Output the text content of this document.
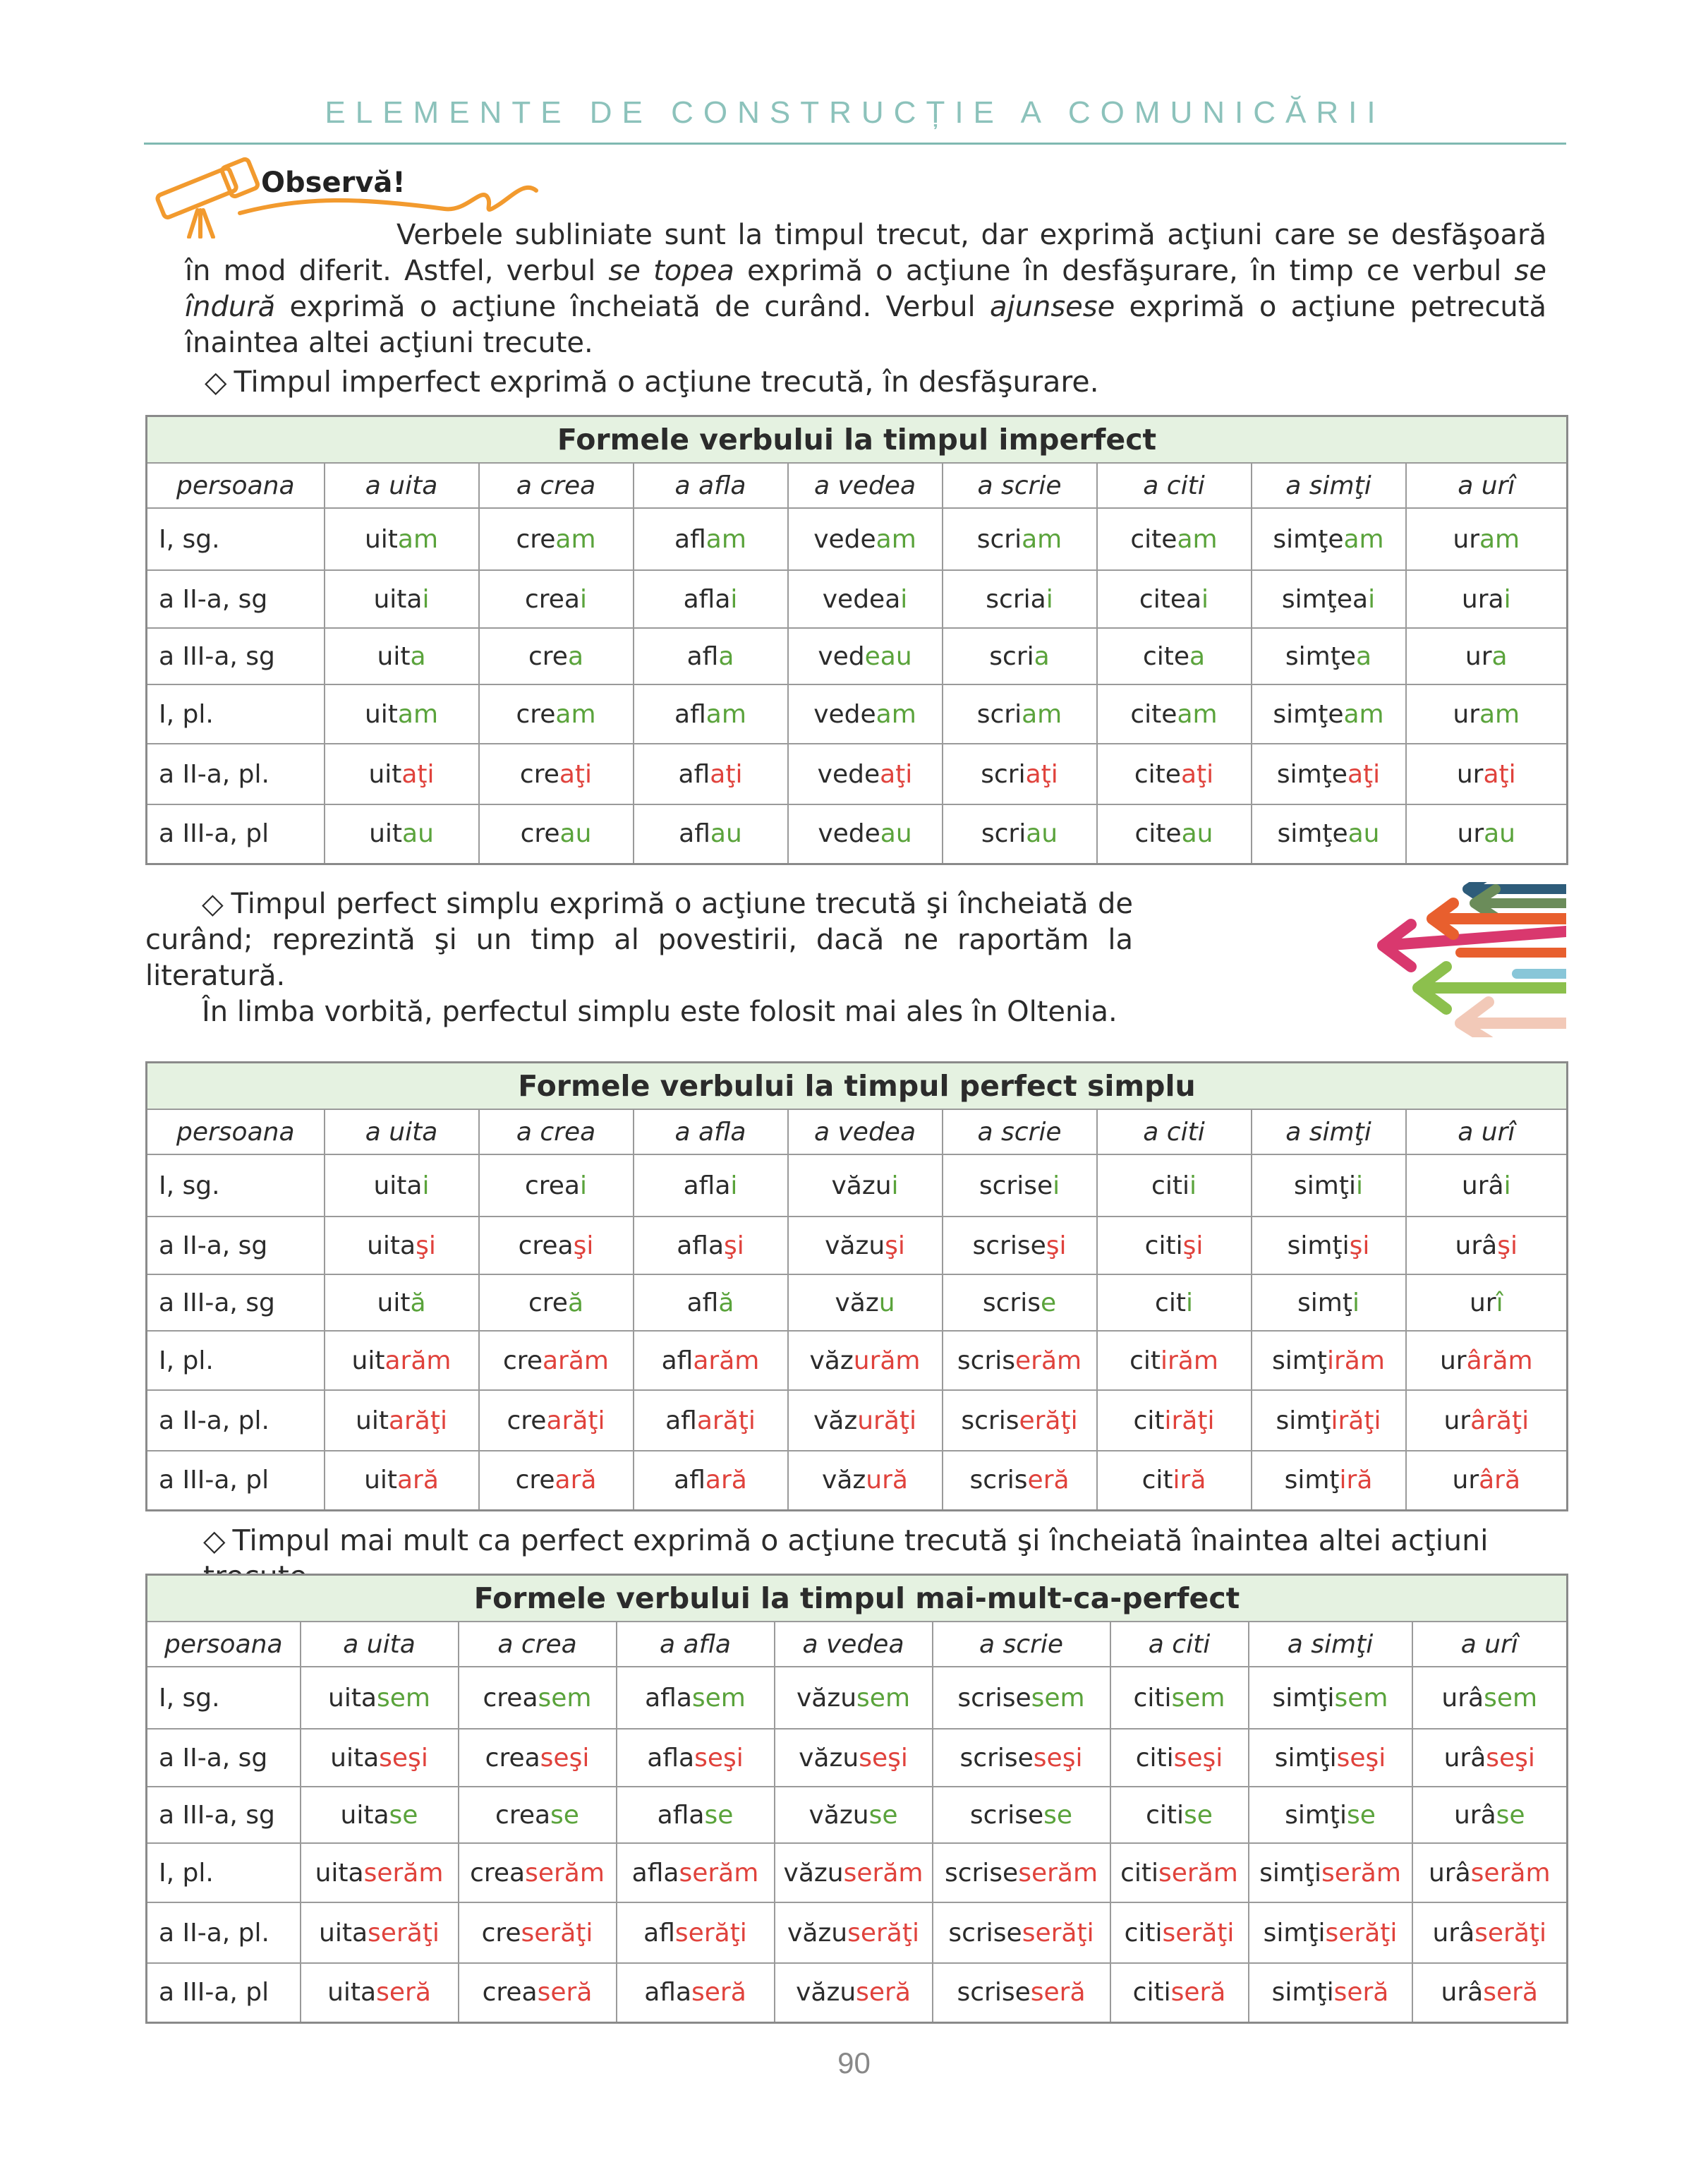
ELEMENTE DE CONSTRUCȚIE A COMUNICĂRII
Observă!
Verbele subliniate sunt la timpul trecut, dar exprimă acţiuni care se desfăşoară în mod diferit. Astfel, verbul se topea exprimă o acţiune în desfăşurare, în timp ce verbul se îndură exprimă o acţiune încheiată de curând. Verbul ajunsese exprimă o acţiune petrecută înaintea altei acţiuni trecute.
◇ Timpul imperfect exprimă o acţiune trecută, în desfăşurare.
Formele verbului la timpul imperfect								
persoana	a uita	a crea	a afla	a vedea	a scrie	a citi	a simţi	a urî
I, sg.	uitam	cream	aflam	vedeam	scriam	citeam	simţeam	uram
a II-a, sg	uitai	creai	aflai	vedeai	scriai	citeai	simţeai	urai
a III-a, sg	uita	crea	afla	vedeau	scria	citea	simţea	ura
I, pl.	uitam	cream	aflam	vedeam	scriam	citeam	simţeam	uram
a II-a, pl.	uitaţi	creaţi	aflaţi	vedeaţi	scriaţi	citeaţi	simţeaţi	uraţi
a III-a, pl	uitau	creau	aflau	vedeau	scriau	citeau	simţeau	urau
◇ Timpul perfect simplu exprimă o acţiune trecută şi încheiată de curând; reprezintă şi un timp al povestirii, dacă ne raportăm la literatură.
În limba vorbită, perfectul simplu este folosit mai ales în Oltenia.
Formele verbului la timpul perfect simplu								
persoana	a uita	a crea	a afla	a vedea	a scrie	a citi	a simţi	a urî
I, sg.	uitai	creai	aflai	văzui	scrisei	citii	simţii	urâi
a II-a, sg	uitaşi	creaşi	aflaşi	văzuşi	scriseşi	citişi	simţişi	urâşi
a III-a, sg	uită	creă	află	văzu	scrise	citi	simţi	urî
I, pl.	uitarăm	crearăm	aflarăm	văzurăm	scriserăm	citirăm	simţirăm	urârăm
a II-a, pl.	uitarăţi	crearăţi	aflarăţi	văzurăţi	scriserăţi	citirăţi	simţirăţi	urârăţi
a III-a, pl	uitară	creară	aflară	văzură	scriseră	citiră	simţiră	urâră
◇ Timpul mai mult ca perfect exprimă o acţiune trecută şi încheiată înaintea altei acţiuni
Formele verbului la timpul mai-mult-ca-perfect								
persoana	a uita	a crea	a afla	a vedea	a scrie	a citi	a simţi	a urî
I, sg.	uitasem	creasem	aflasem	văzusem	scrisesem	citisem	simţisem	urâsem
a II-a, sg	uitaseşi	creaseşi	aflaseşi	văzuseşi	scriseseşi	citiseşi	simţiseşi	urâseşi
a III-a, sg	uitase	crease	aflase	văzuse	scrisese	citise	simţise	urâse
I, pl.	uitaserăm	creaserăm	aflaserăm	văzuserăm	scriseserăm	citiserăm	simţiserăm	urâserăm
a II-a, pl.	uitaserăţi	creserăţi	aflserăţi	văzuserăţi	scriseserăţi	citiserăţi	simţiserăţi	urâserăţi
a III-a, pl	uitaseră	creaseră	aflaseră	văzuseră	scriseseră	citiseră	simţiseră	urâseră
90
